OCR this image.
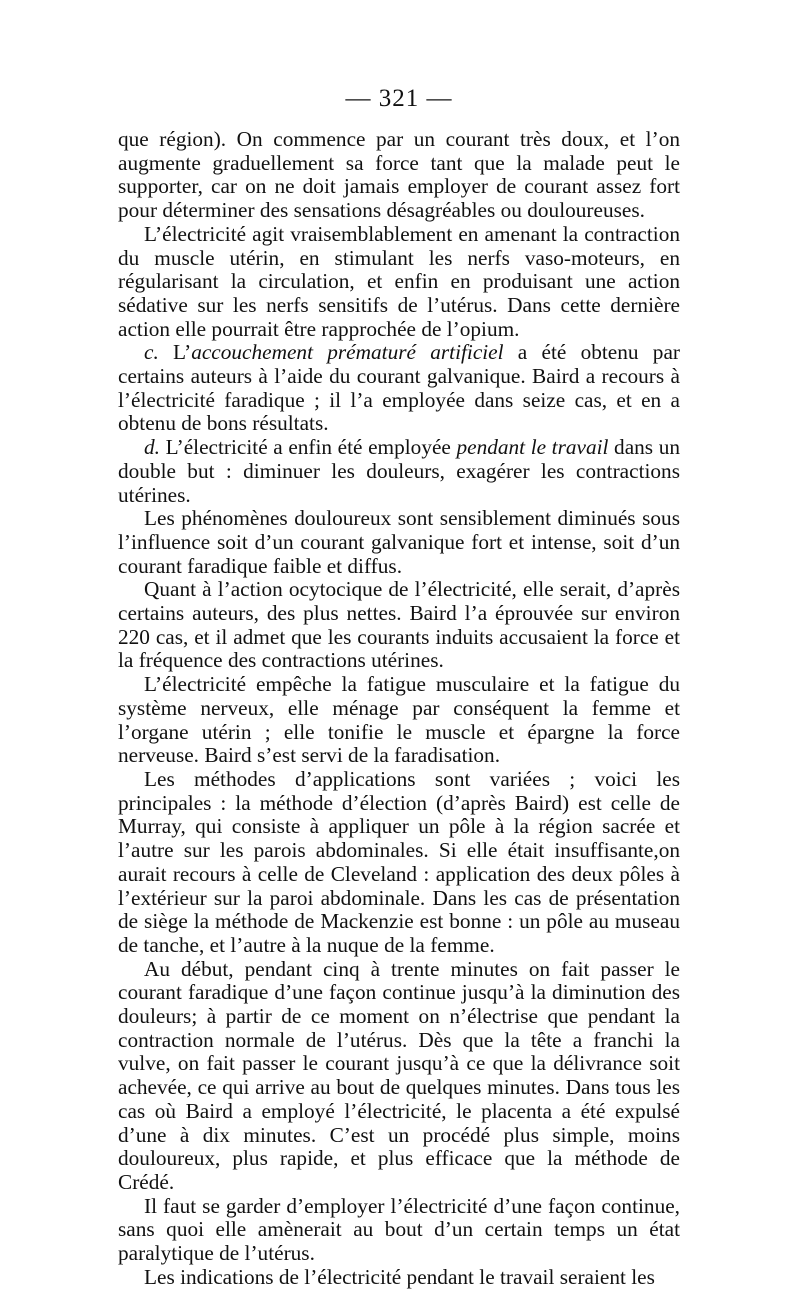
— 321 —

que région). On commence par un courant très doux, et l’on augmente graduellement sa force tant que la malade peut le supporter, car on ne doit jamais employer de courant assez fort pour déterminer des sensations désagréables ou douloureuses.

L’électricité agit vraisemblablement en amenant la contraction du muscle utérin, en stimulant les nerfs vaso-moteurs, en régularisant la circulation, et enfin en produisant une action sédative sur les nerfs sensitifs de l’utérus. Dans cette dernière action elle pourrait être rapprochée de l’opium.

c. L’accouchement prématuré artificiel a été obtenu par certains auteurs à l’aide du courant galvanique. Baird a recours à l’électricité faradique ; il l’a employée dans seize cas, et en a obtenu de bons résultats.

d. L’électricité a enfin été employée pendant le travail dans un double but : diminuer les douleurs, exagérer les contractions utérines.

Les phénomènes douloureux sont sensiblement diminués sous l’influence soit d’un courant galvanique fort et intense, soit d’un courant faradique faible et diffus.

Quant à l’action ocytocique de l’électricité, elle serait, d’après certains auteurs, des plus nettes. Baird l’a éprouvée sur environ 220 cas, et il admet que les courants induits accusaient la force et la fréquence des contractions utérines.

L’électricité empêche la fatigue musculaire et la fatigue du système nerveux, elle ménage par conséquent la femme et l’organe utérin ; elle tonifie le muscle et épargne la force nerveuse. Baird s’est servi de la faradisation.

Les méthodes d’applications sont variées ; voici les principales : la méthode d’élection (d’après Baird) est celle de Murray, qui consiste à appliquer un pôle à la région sacrée et l’autre sur les parois abdominales. Si elle était insuffisante,on aurait recours à celle de Cleveland : application des deux pôles à l’extérieur sur la paroi abdominale. Dans les cas de présentation de siège la méthode de Mackenzie est bonne : un pôle au museau de tanche, et l’autre à la nuque de la femme.

Au début, pendant cinq à trente minutes on fait passer le courant faradique d’une façon continue jusqu’à la diminution des douleurs; à partir de ce moment on n’électrise que pendant la contraction normale de l’utérus. Dès que la tête a franchi la vulve, on fait passer le courant jusqu’à ce que la délivrance soit achevée, ce qui arrive au bout de quelques minutes. Dans tous les cas où Baird a employé l’électricité, le placenta a été expulsé d’une à dix minutes. C’est un procédé plus simple, moins douloureux, plus rapide, et plus efficace que la méthode de Crédé.

Il faut se garder d’employer l’électricité d’une façon continue, sans quoi elle amènerait au bout d’un certain temps un état paralytique de l’utérus.

Les indications de l’électricité pendant le travail seraient les
